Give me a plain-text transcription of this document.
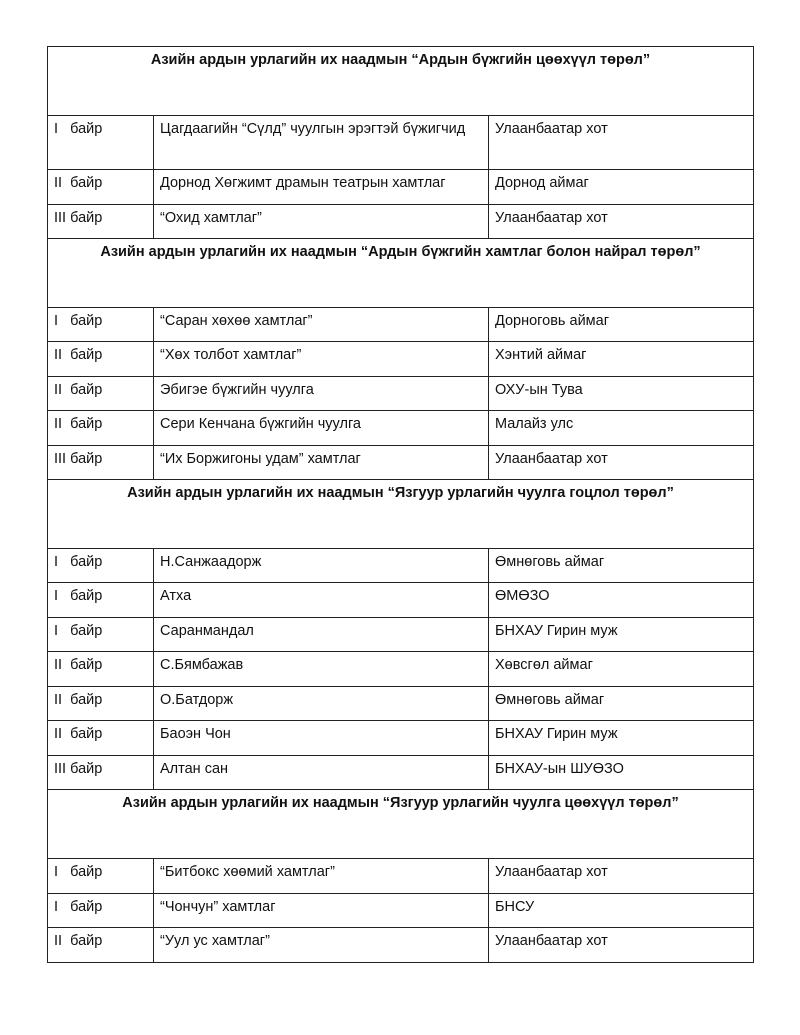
Азийн ардын урлагийн их наадмын “Ардын бүжгийн цөөхүүл төрөл”		
I   байр	Цагдаагийн “Сүлд” чуулгын эрэгтэй бүжигчид	Улаанбаатар хот
II  байр	Дорнод Хөгжимт драмын театрын хамтлаг	Дорнод аймаг
III байр	“Охид хамтлаг”	Улаанбаатар хот
Азийн ардын урлагийн их наадмын “Ардын бүжгийн хамтлаг болон найрал төрөл”		
I   байр	“Саран хөхөө хамтлаг”	Дорноговь аймаг
II  байр	“Хөх толбот хамтлаг”	Хэнтий аймаг
II  байр	Эбигэе бүжгийн чуулга	ОХУ-ын Тува
II  байр	Сери Кенчана бүжгийн чуулга	Малайз улс
III байр	“Их Боржигоны удам” хамтлаг	Улаанбаатар хот
Азийн ардын урлагийн их наадмын “Язгуур урлагийн чуулга гоцлол төрөл”		
I   байр	Н.Санжаадорж	Өмнөговь аймаг
I   байр	Атха	ӨМӨЗО
I   байр	Саранмандал	БНХАУ Гирин муж
II  байр	С.Бямбажав	Хөвсгөл аймаг
II  байр	О.Батдорж	Өмнөговь аймаг
II  байр	Баоэн Чон	БНХАУ Гирин муж
III байр	Алтан сан	БНХАУ-ын ШУӨЗО
Азийн ардын урлагийн их наадмын “Язгуур урлагийн чуулга цөөхүүл төрөл”		
I   байр	“Битбокс хөөмий хамтлаг”	Улаанбаатар хот
I   байр	“Чончун” хамтлаг	БНСУ
II  байр	“Уул ус хамтлаг”	Улаанбаатар хот
